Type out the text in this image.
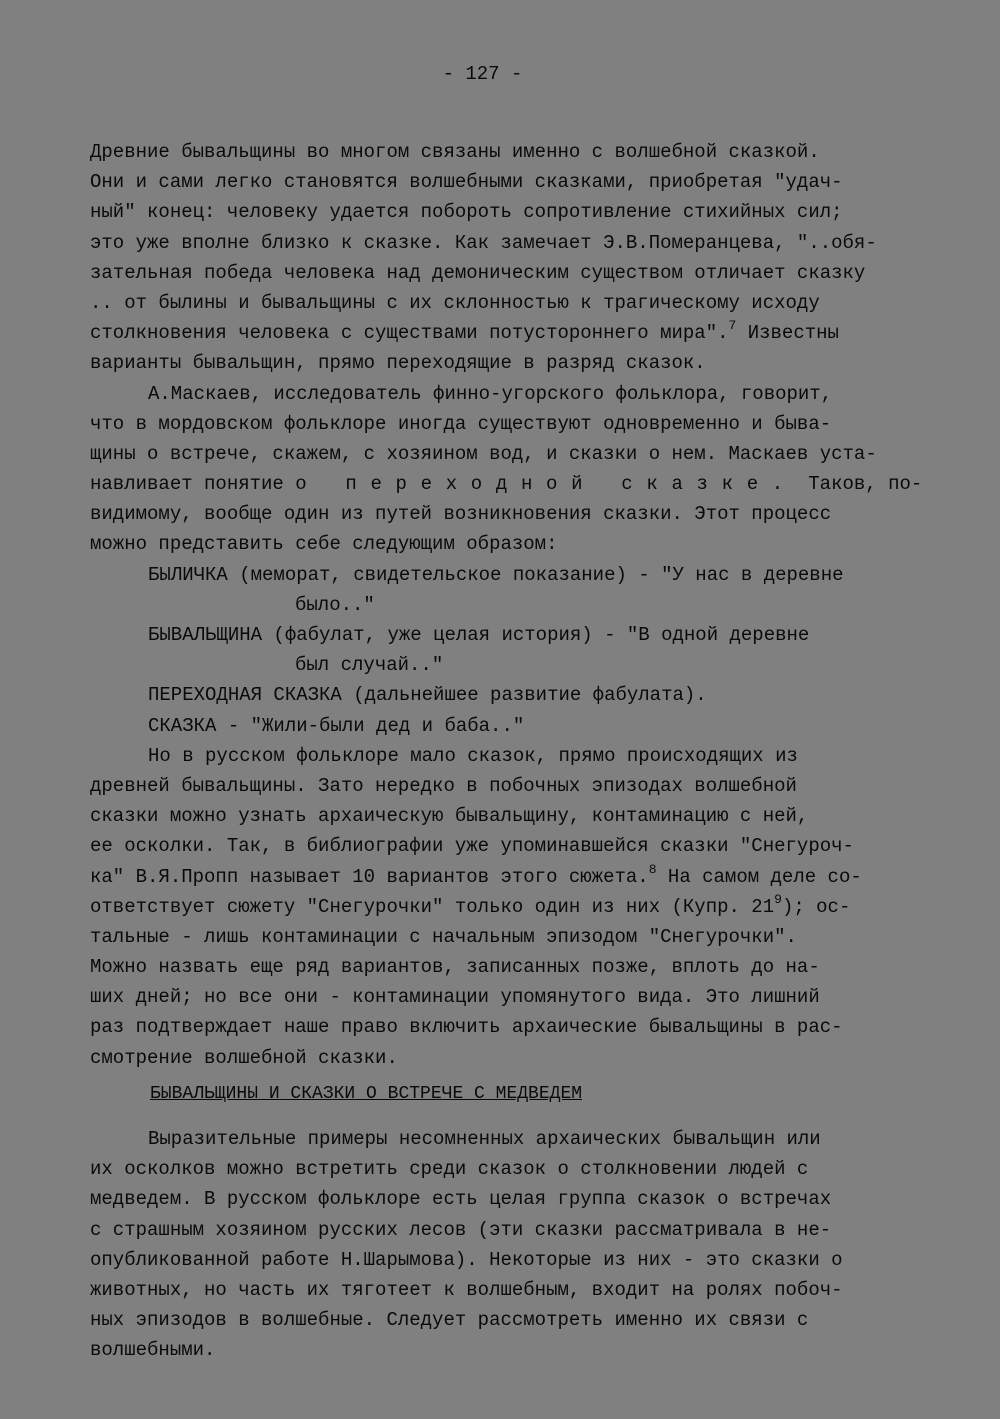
- 127 -
Древние бывальщины во многом связаны именно с волшебной сказкой.
Они и сами легко становятся волшебными сказками, приобретая "удач-
ный" конец: человеку удается побороть сопротивление стихийных сил;
это уже вполне близко к сказке. Как замечает Э.В.Померанцева, "..обя-
зательная победа человека над демоническим существом отличает сказку
.. от былины и бывальщины с их склонностью к трагическому исходу
столкновения человека с существами потустороннего мира".$^7$ Известны
варианты бывальщин, прямо переходящие в разряд сказок.
А.Маскаев, исследователь финно-угорского фольклора, говорит,
что в мордовском фольклоре иногда существуют одновременно и быва-
щины о встрече, скажем, с хозяином вод, и сказки о нем. Маскаев уста-
навливает понятие о переходной сказке. Таков, по-
видимому, вообще один из путей возникновения сказки. Этот процесс
можно представить себе следующим образом:
БЫЛИЧКА (меморат, свидетельское показание) - "У нас в деревне
было.."
БЫВАЛЬЩИНА (фабулат, уже целая история) - "В одной деревне
был случай.."
ПЕРЕХОДНАЯ СКАЗКА (дальнейшее развитие фабулата).
СКАЗКА - "Жили-были дед и баба.."
Но в русском фольклоре мало сказок, прямо происходящих из
древней бывальщины. Зато нередко в побочных эпизодах волшебной
сказки можно узнать архаическую бывальщину, контаминацию с ней,
ее осколки. Так, в библиографии уже упоминавшейся сказки "Снегуроч-
ка" В.Я.Пропп называет 10 вариантов этого сюжета.$^8$ На самом деле со-
ответствует сюжету "Снегурочки" только один из них (Купр. $21^9$); ос-
тальные - лишь контаминации с начальным эпизодом "Снегурочки".
Можно назвать еще ряд вариантов, записанных позже, вплоть до на-
ших дней; но все они - контаминации упомянутого вида. Это лишний
раз подтверждает наше право включить архаические бывальщины в рас-
смотрение волшебной сказки.
БЫВАЛЬЩИНЫ И СКАЗКИ О ВСТРЕЧЕ С МЕДВЕДЕМ
Выразительные примеры несомненных архаических бывальщин или
их осколков можно встретить среди сказок о столкновении людей с
медведем. В русском фольклоре есть целая группа сказок о встречах
с страшным хозяином русских лесов (эти сказки рассматривала в не-
опубликованной работе Н.Шарымова). Некоторые из них - это сказки о
животных, но часть их тяготеет к волшебным, входит на ролях побоч-
ных эпизодов в волшебные. Следует рассмотреть именно их связи с
волшебными.
